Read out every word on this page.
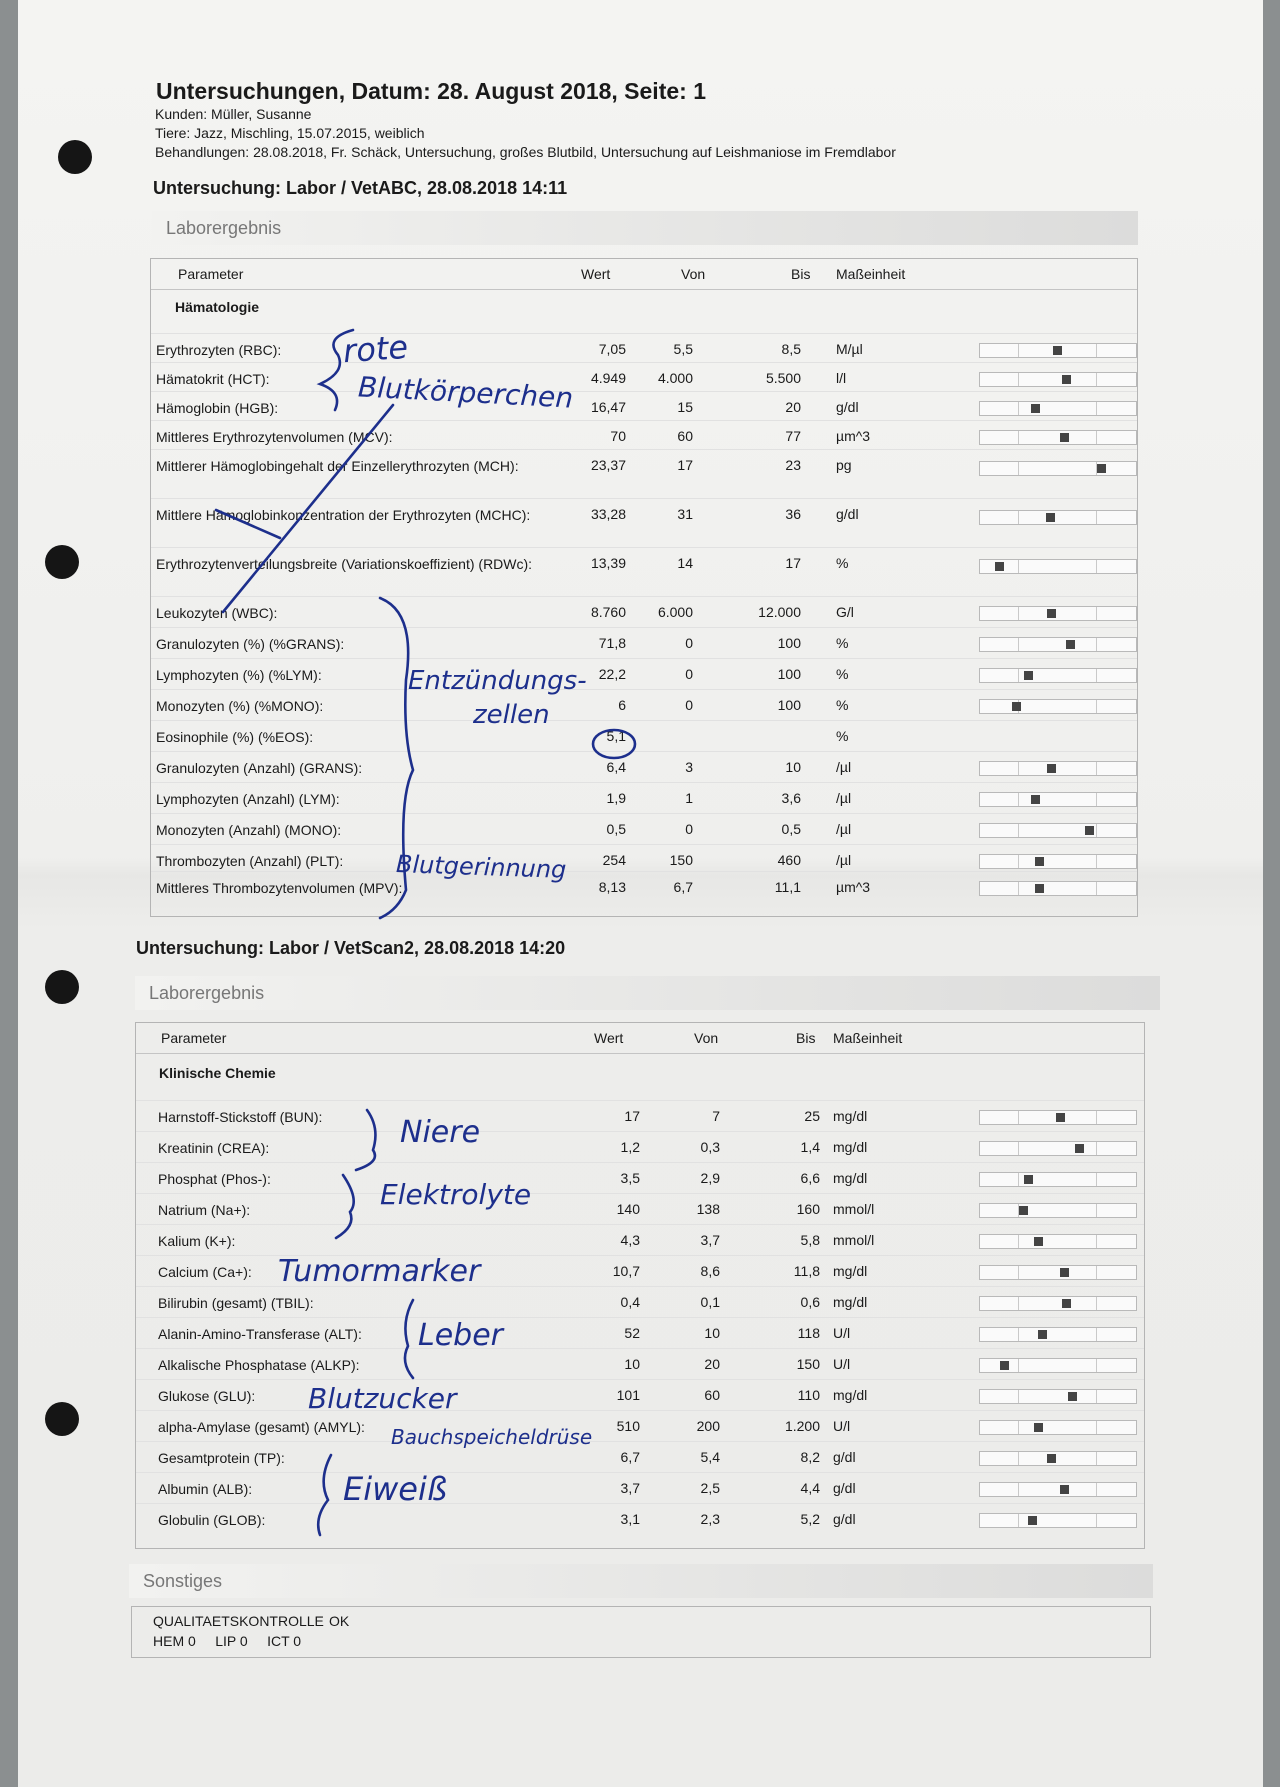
Untersuchungen, Datum: 28. August 2018, Seite: 1
Kunden: Müller, Susanne
Tiere: Jazz, Mischling, 15.07.2015, weiblich
Behandlungen: 28.08.2018, Fr. Schäck, Untersuchung, großes Blutbild, Untersuchung auf Leishmaniose im Fremdlabor
Untersuchung: Labor / VetABC, 28.08.2018 14:11
Laborergebnis
Parameter	Wert	Von	Bis Maßeinheit
Hämatologie
Erythrozyten (RBC):	7,05	5,5	8,5	M/µl
Hämatokrit (HCT):	4.949	4.000	5.500	l/l
Hämoglobin (HGB):	16,47	15	20	g/dl
Mittleres Erythrozytenvolumen (MCV):	70	60	77	µm^3
Mittlerer Hämoglobingehalt der Einzellerythrozyten (MCH):	23,37	17	23	pg
Mittlere Hämoglobinkonzentration der Erythrozyten (MCHC):	33,28	31	36	g/dl
Erythrozytenverteilungsbreite (Variationskoeffizient) (RDWc):	13,39	14	17	%
Leukozyten (WBC):	8.760	6.000	12.000	G/l
Granulozyten (%) (%GRANS):	71,8	0	100	%
Lymphozyten (%) (%LYM):	22,2	0	100	%
Monozyten (%) (%MONO):	6	0	100	%
Eosinophile (%) (%EOS):	5,1	%
Granulozyten (Anzahl) (GRANS):	6,4	3	10	/µl
Lymphozyten (Anzahl) (LYM):	1,9	1	3,6	/µl
Monozyten (Anzahl) (MONO):	0,5	0	0,5	/µl
Thrombozyten (Anzahl) (PLT):	254	150	460	/µl
Mittleres Thrombozytenvolumen (MPV):	8,13	6,7	11,1	µm^3
Untersuchung: Labor / VetScan2, 28.08.2018 14:20
Laborergebnis
Parameter	Wert	Von	Bis Maßeinheit
Klinische Chemie
Harnstoff-Stickstoff (BUN):	17	7	25 mg/dl
Kreatinin (CREA):	1,2	0,3	1,4 mg/dl
Phosphat (Phos-):	3,5	2,9	6,6 mg/dl
Natrium (Na+):	140	138	160 mmol/l
Kalium (K+):	4,3	3,7	5,8 mmol/l
Calcium (Ca+):	10,7	8,6	11,8 mg/dl
Bilirubin (gesamt) (TBIL):	0,4	0,1	0,6 mg/dl
Alanin-Amino-Transferase (ALT):	52	10	118 U/l
Alkalische Phosphatase (ALKP):	10	20	150 U/l
Glukose (GLU):	101	60	110 mg/dl
alpha-Amylase (gesamt) (AMYL):	510	200	1.200 U/l
Gesamtprotein (TP):	6,7	5,4	8,2 g/dl
Albumin (ALB):	3,7	2,5	4,4 g/dl
Globulin (GLOB):	3,1	2,3	5,2 g/dl
Sonstiges
QUALITAETSKONTROLLE OK
HEM 0     LIP 0     ICT 0
rote
Blutkörperchen
Entzündungs-
zellen
Blutgerinnung
Niere
Elektrolyte
Tumormarker
Leber
Blutzucker
Bauchspeicheldrüse
Eiweiß
